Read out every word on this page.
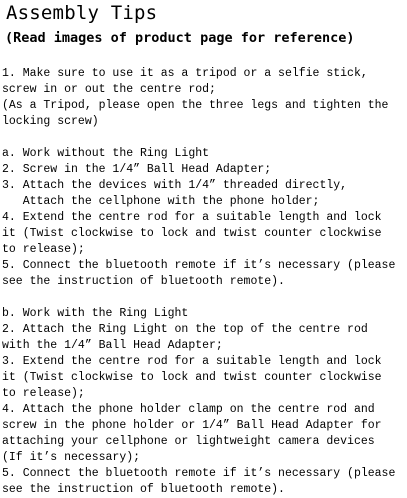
Assembly Tips
(Read images of product page for reference)
1. Make sure to use it as a tripod or a selfie stick,
screw in or out the centre rod;
(As a Tripod, please open the three legs and tighten the
locking screw)
a. Work without the Ring Light
2. Screw in the 1/4” Ball Head Adapter;
3. Attach the devices with 1/4” threaded directly,
Attach the cellphone with the phone holder;
4. Extend the centre rod for a suitable length and lock
it (Twist clockwise to lock and twist counter clockwise
to release);
5. Connect the bluetooth remote if it’s necessary (please
see the instruction of bluetooth remote).
b. Work with the Ring Light
2. Attach the Ring Light on the top of the centre rod
with the 1/4” Ball Head Adapter;
3. Extend the centre rod for a suitable length and lock
it (Twist clockwise to lock and twist counter clockwise
to release);
4. Attach the phone holder clamp on the centre rod and
screw in the phone holder or 1/4” Ball Head Adapter for
attaching your cellphone or lightweight camera devices
(If it’s necessary);
5. Connect the bluetooth remote if it’s necessary (please
see the instruction of bluetooth remote).
